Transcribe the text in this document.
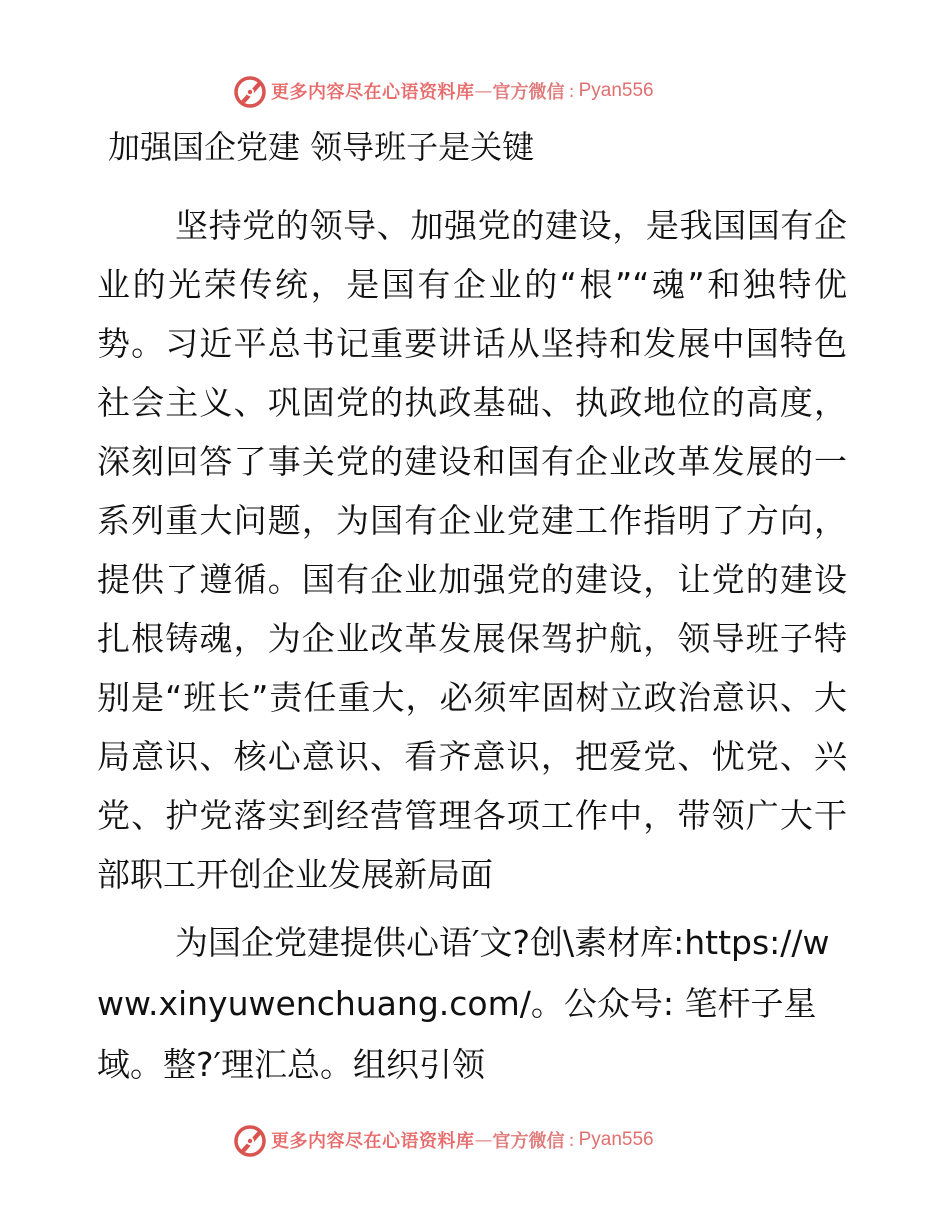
更多内容尽在心语资料库 — 官方微信 : Pyan556
加强国企党建 领导班子是关键

坚持党的领导、加强党的建设，是我国国有企业的光荣传统，是国有企业的“根”“魂”和独特优势。习近平总书记重要讲话从坚持和发展中国特色社会主义、巩固党的执政基础、执政地位的高度，深刻回答了事关党的建设和国有企业改革发展的一系列重大问题，为国有企业党建工作指明了方向，提供了遵循。国有企业加强党的建设，让党的建设扎根铸魂，为企业改革发展保驾护航，领导班子特别是“班长”责任重大，必须牢固树立政治意识、大局意识、核心意识、看齐意识，把爱党、忧党、兴党、护党落实到经营管理各项工作中，带领广大干部职工开创企业发展新局面

为国企党建提供心语′文?创\素材库:https://www.xinyuwenchuang.com/。公众号: 笔杆子星域。整?′理汇总。组织引领

更多内容尽在心语资料库 — 官方微信 : Pyan556
